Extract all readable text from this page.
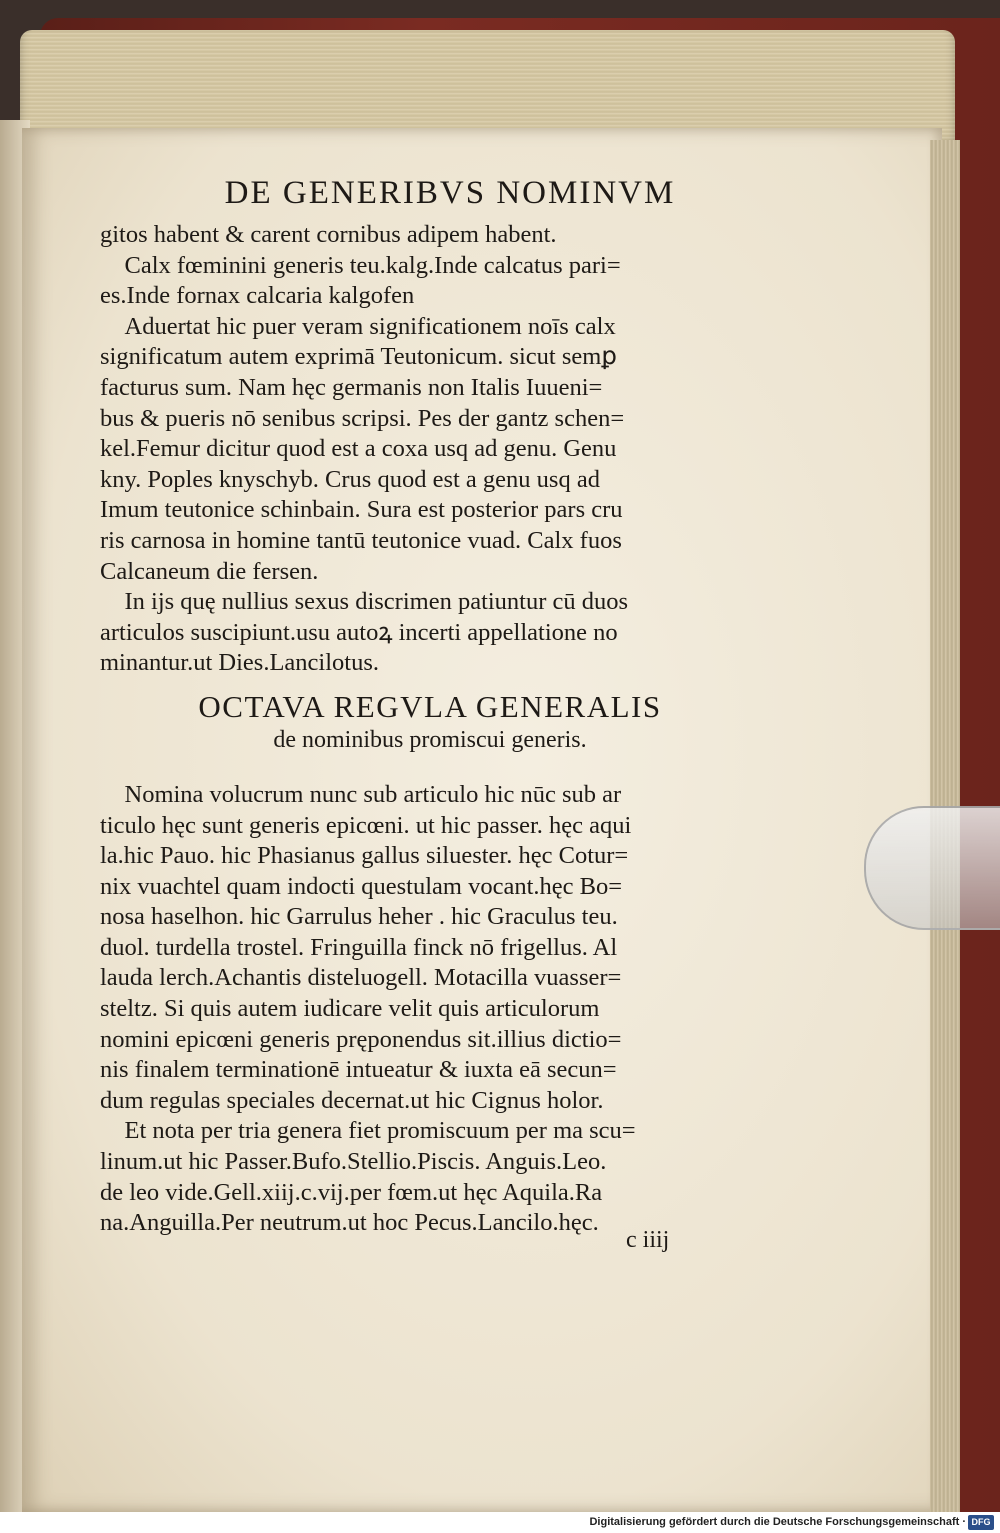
DE GENERIBVS NOMINVM
gitos habent & carent cornibus adipem habent.
 Calx fœminini generis teu.kalg.Inde calcatus pari=
es.Inde fornax calcaria kalgofen
 Aduertat hic puer veram significationem noīs calx
significatum autem exprimā Teutonicum. sicut semꝑ
facturus sum. Nam hęc germanis non Italis Iuueni=
bus & pueris nō senibus scripsi. Pes der gantz schen=
kel.Femur dicitur quod est a coxa usq ad genu. Genu
kny. Poples knyschyb. Crus quod est a genu usq ad
Imum teutonice schinbain. Sura est posterior pars cru
ris carnosa in homine tantū teutonice vuad. Calx fuos
Calcaneum die fersen.
 In ijs quę nullius sexus discrimen patiuntur cū duos
articulos suscipiunt.usu autoꝝ incerti appellatione no
minantur.ut Dies.Lancilotus.
OCTAVA REGVLA GENERALIS
de nominibus promiscui generis.
 Nomina volucrum nunc sub articulo hic nūc sub ar
ticulo hęc sunt generis epicœni. ut hic passer. hęc aqui
la.hic Pauo. hic Phasianus gallus siluester. hęc Cotur=
nix vuachtel quam indocti questulam vocant.hęc Bo=
nosa haselhon. hic Garrulus heher . hic Graculus teu.
duol. turdella trostel. Fringuilla finck nō frigellus. Al
lauda lerch.Achantis disteluogell. Motacilla vuasser=
steltz. Si quis autem iudicare velit quis articulorum
nomini epicœni generis pręponendus sit.illius dictio=
nis finalem terminationē intueatur & iuxta eā secun=
dum regulas speciales decernat.ut hic Cignus holor.
 Et nota per tria genera fiet promiscuum per ma scu=
linum.ut hic Passer.Bufo.Stellio.Piscis. Anguis.Leo.
de leo vide.Gell.xiij.c.vij.per fœm.ut hęc Aquila.Ra
na.Anguilla.Per neutrum.ut hoc Pecus.Lancilo.hęc.
c iiij
Digitalisierung gefördert durch die Deutsche Forschungsgemeinschaft · DFG
